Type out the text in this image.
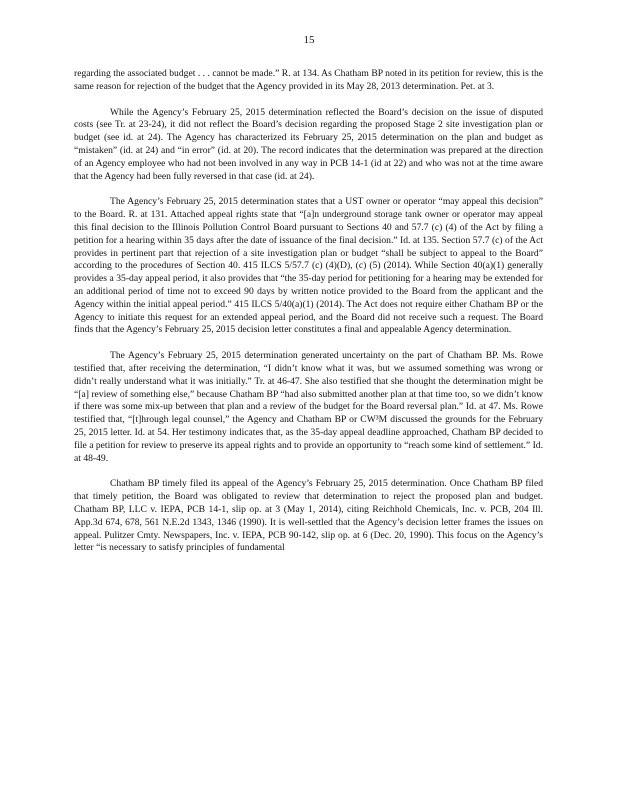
15

regarding the associated budget . . . cannot be made.” R. at 134. As Chatham BP noted in its petition for review, this is the same reason for rejection of the budget that the Agency provided in its May 28, 2013 determination. Pet. at 3.

While the Agency’s February 25, 2015 determination reflected the Board’s decision on the issue of disputed costs (see Tr. at 23-24), it did not reflect the Board’s decision regarding the proposed Stage 2 site investigation plan or budget (see id. at 24). The Agency has characterized its February 25, 2015 determination on the plan and budget as “mistaken” (id. at 24) and “in error” (id. at 20). The record indicates that the determination was prepared at the direction of an Agency employee who had not been involved in any way in PCB 14-1 (id at 22) and who was not at the time aware that the Agency had been fully reversed in that case (id. at 24).

The Agency’s February 25, 2015 determination states that a UST owner or operator “may appeal this decision” to the Board. R. at 131. Attached appeal rights state that “[a]n underground storage tank owner or operator may appeal this final decision to the Illinois Pollution Control Board pursuant to Sections 40 and 57.7 (c) (4) of the Act by filing a petition for a hearing within 35 days after the date of issuance of the final decision.” Id. at 135. Section 57.7 (c) of the Act provides in pertinent part that rejection of a site investigation plan or budget “shall be subject to appeal to the Board” according to the procedures of Section 40. 415 ILCS 5/57.7 (c) (4)(D), (c) (5) (2014). While Section 40(a)(1) generally provides a 35-day appeal period, it also provides that “the 35-day period for petitioning for a hearing may be extended for an additional period of time not to exceed 90 days by written notice provided to the Board from the applicant and the Agency within the initial appeal period.” 415 ILCS 5/40(a)(1) (2014). The Act does not require either Chatham BP or the Agency to initiate this request for an extended appeal period, and the Board did not receive such a request. The Board finds that the Agency’s February 25, 2015 decision letter constitutes a final and appealable Agency determination.

The Agency’s February 25, 2015 determination generated uncertainty on the part of Chatham BP. Ms. Rowe testified that, after receiving the determination, “I didn’t know what it was, but we assumed something was wrong or didn’t really understand what it was initially.” Tr. at 46-47. She also testified that she thought the determination might be “[a] review of something else,” because Chatham BP “had also submitted another plan at that time too, so we didn’t know if there was some mix-up between that plan and a review of the budget for the Board reversal plan.” Id. at 47. Ms. Rowe testified that, “[t]hrough legal counsel,” the Agency and Chatham BP or CW³M discussed the grounds for the February 25, 2015 letter. Id. at 54. Her testimony indicates that, as the 35-day appeal deadline approached, Chatham BP decided to file a petition for review to preserve its appeal rights and to provide an opportunity to “reach some kind of settlement.” Id. at 48-49.

Chatham BP timely filed its appeal of the Agency’s February 25, 2015 determination. Once Chatham BP filed that timely petition, the Board was obligated to review that determination to reject the proposed plan and budget. Chatham BP, LLC v. IEPA, PCB 14-1, slip op. at 3 (May 1, 2014), citing Reichhold Chemicals, Inc. v. PCB, 204 Ill. App.3d 674, 678, 561 N.E.2d 1343, 1346 (1990). It is well-settled that the Agency’s decision letter frames the issues on appeal. Pulitzer Cmty. Newspapers, Inc. v. IEPA, PCB 90-142, slip op. at 6 (Dec. 20, 1990). This focus on the Agency’s letter “is necessary to satisfy principles of fundamental
